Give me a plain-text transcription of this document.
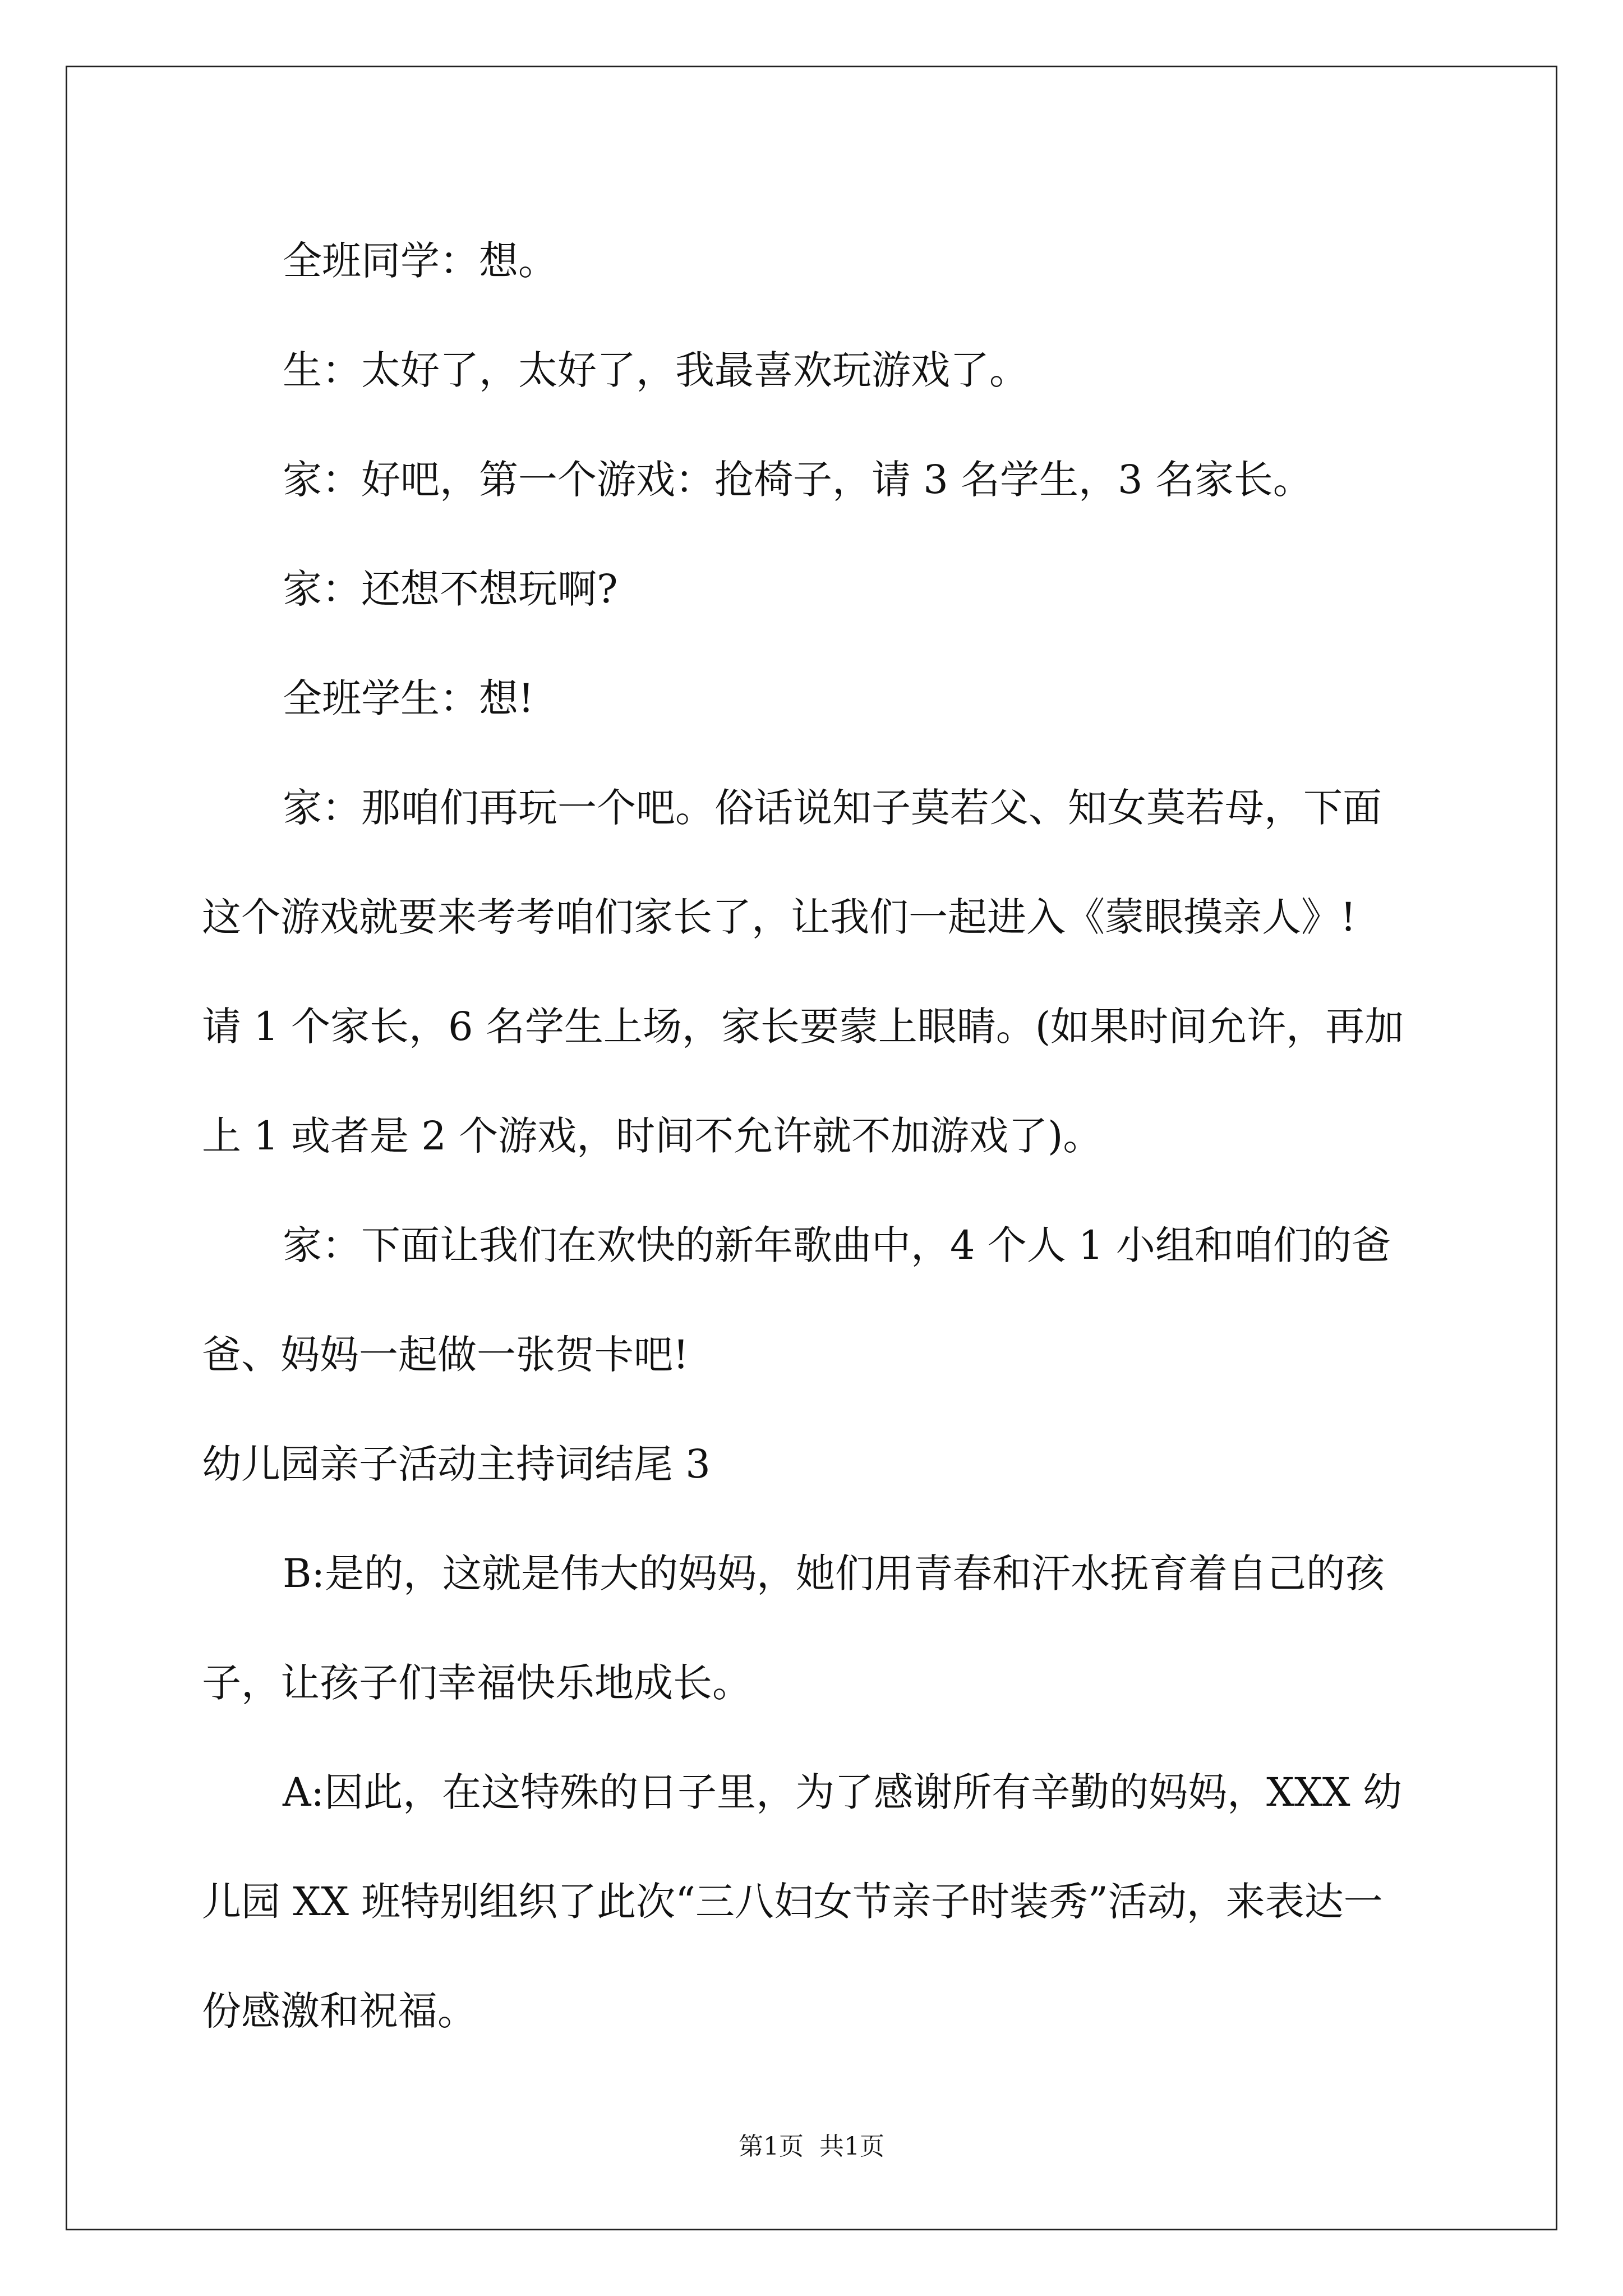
全班同学：想。
生：太好了，太好了，我最喜欢玩游戏了。
家：好吧，第一个游戏：抢椅子，请 3 名学生，3 名家长。
家：还想不想玩啊?
全班学生：想!
家：那咱们再玩一个吧。俗话说知子莫若父、知女莫若母，下面
这个游戏就要来考考咱们家长了，让我们一起进入《蒙眼摸亲人》!
请 1 个家长，6 名学生上场，家长要蒙上眼睛。(如果时间允许，再加
上 1 或者是 2 个游戏，时间不允许就不加游戏了)。
家：下面让我们在欢快的新年歌曲中，4 个人 1 小组和咱们的爸
爸、妈妈一起做一张贺卡吧!
幼儿园亲子活动主持词结尾 3
B:是的，这就是伟大的妈妈，她们用青春和汗水抚育着自己的孩
子，让孩子们幸福快乐地成长。
A:因此，在这特殊的日子里，为了感谢所有辛勤的妈妈，XXX 幼
儿园 XX 班特别组织了此次“三八妇女节亲子时装秀”活动，来表达一
份感激和祝福。
第1页 共1页
